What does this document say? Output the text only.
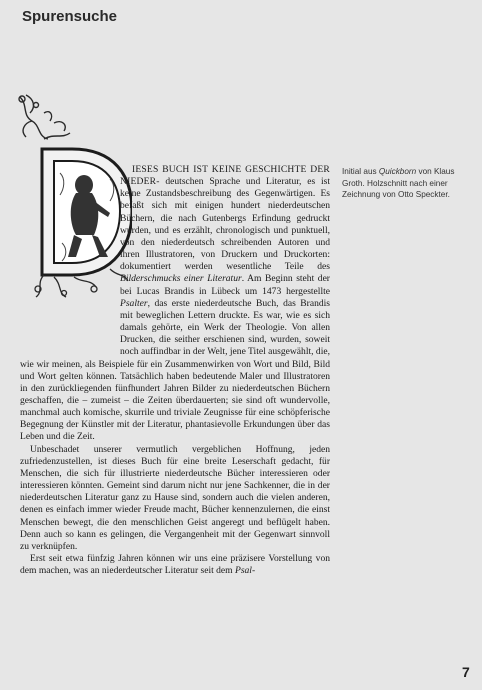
Spurensuche
Initial aus Quickborn von Klaus Groth. Holzschnitt nach einer Zeichnung von Otto Speckter.

IESES BUCH IST KEINE GESCHICHTE DER NIEDER- deutschen Sprache und Literatur, es ist keine Zustandsbeschreibung des Gegenwärtigen. Es befaßt sich mit einigen hundert niederdeutschen Büchern, die nach Gutenbergs Erfindung gedruckt wurden, und es erzählt, chronologisch und punktuell, von den niederdeutsch schreibenden Autoren und ihren Illustratoren, von Druckern und Druckorten: dokumentiert werden wesentliche Teile des Bilderschmucks einer Literatur. Am Beginn steht der bei Lucas Brandis in Lübeck um 1473 hergestellte Psalter, das erste niederdeutsche Buch, das Brandis mit beweglichen Lettern druckte. Es war, wie es sich damals gehörte, ein Werk der Theologie. Von allen Drucken, die seither erschienen sind, wurden, soweit noch auffindbar in der Welt, jene Titel ausgewählt, die, wie wir meinen, als Beispiele für ein Zusammenwirken von Wort und Bild, Bild und Wort gelten können. Tatsächlich haben bedeutende Maler und Illustratoren in den zurückliegenden fünfhundert Jahren Bilder zu niederdeutschen Büchern geschaffen, die – zumeist – die Zeiten überdauerten; sie sind oft wundervolle, manchmal auch komische, skurrile und triviale Zeugnisse für eine schöpferische Begegnung der Künstler mit der Literatur, phantasievolle Erkundungen über das Leben und die Zeit.

Unbeschadet unserer vermutlich vergeblichen Hoffnung, jeden zufriedenzustellen, ist dieses Buch für eine breite Leserschaft gedacht, für Menschen, die sich für illustrierte niederdeutsche Bücher interessieren oder interessieren könnten. Gemeint sind darum nicht nur jene Sachkenner, die in der niederdeutschen Literatur ganz zu Hause sind, sondern auch die vielen anderen, denen es einfach immer wieder Freude macht, Bücher kennenzulernen, die einst Menschen bewegt, die den menschlichen Geist angeregt und beflügelt haben. Denn auch so kann es gelingen, die Vergangenheit mit der Gegenwart sinnvoll zu verknüpfen.

Erst seit etwa fünfzig Jahren können wir uns eine präzisere Vorstellung von dem machen, was an niederdeutscher Literatur seit dem Psal-

7
